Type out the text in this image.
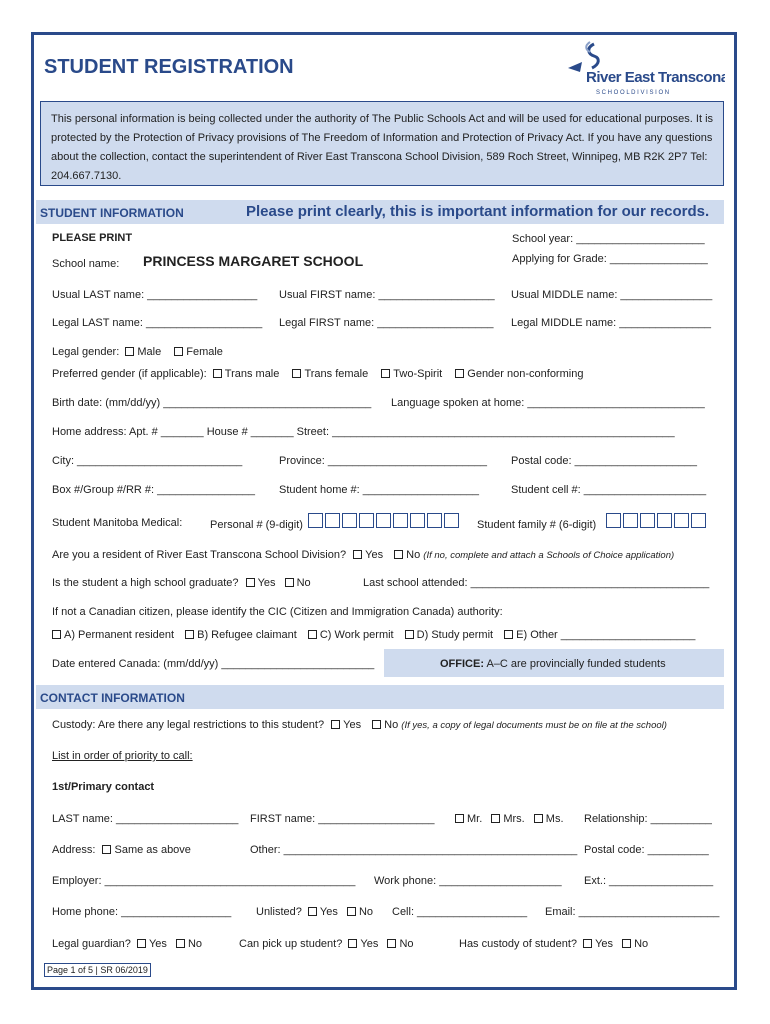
STUDENT REGISTRATION	River East Transcona
S C H O O L D I V I S I O N
This personal information is being collected under the authority of The Public Schools Act and will be used for educational purposes. It is protected by the Protection of Privacy provisions of The Freedom of Information and Protection of Privacy Act. If you have any questions about the collection, contact the superintendent of River East Transcona School Division, 589 Roch Street, Winnipeg, MB R2K 2P7 Tel: 204.667.7130.
STUDENT INFORMATION	Please print clearly, this is important information for our records.
PLEASE PRINT	School year: _____________________
Applying for Grade: ________________
School name: PRINCESS MARGARET SCHOOL
Usual LAST name: __________________ Usual FIRST name: ___________________ Usual MIDDLE name: _______________
Legal LAST name: ___________________ Legal FIRST name: ___________________ Legal MIDDLE name: _______________
Legal gender: Male Female
Preferred gender (if applicable): Trans male Trans female Two-Spirit Gender non-conforming
Birth date: (mm/dd/yy) __________________________________ Language spoken at home: _____________________________
Home address: Apt. # _______ House # _______ Street: ________________________________________________________
City: ___________________________	Province: __________________________ Postal code: ____________________
Box #/Group #/RR #: ________________ Student home #: ___________________	Student cell #: ____________________
Student Manitoba Medical:	Personal # (9-digit)	Student family # (6-digit)
Are you a resident of River East Transcona School Division? Yes No (If no, complete and attach a Schools of Choice application)
Is the student a high school graduate? Yes No	Last school attended: _______________________________________
If not a Canadian citizen, please identify the CIC (Citizen and Immigration Canada) authority:
A) Permanent resident B) Refugee claimant C) Work permit D) Study permit E) Other ______________________
Date entered Canada: (mm/dd/yy) _________________________	OFFICE: A–C are provincially funded students
CONTACT INFORMATION
Custody: Are there any legal restrictions to this student? Yes No (If yes, a copy of legal documents must be on file at the school)
List in order of priority to call:
1st/Primary contact
LAST name: ____________________ FIRST name: ___________________	Mr. Mrs. Ms. Relationship: __________
Address: Same as above	Other: ________________________________________________ Postal code: __________
Employer: _________________________________________ Work phone: ____________________ Ext.: _________________
Home phone: __________________ Unlisted? Yes No Cell: __________________ Email: _______________________
Legal guardian? Yes No	Can pick up student? Yes No	Has custody of student? Yes No
Page 1 of 5 | SR 06/2019
